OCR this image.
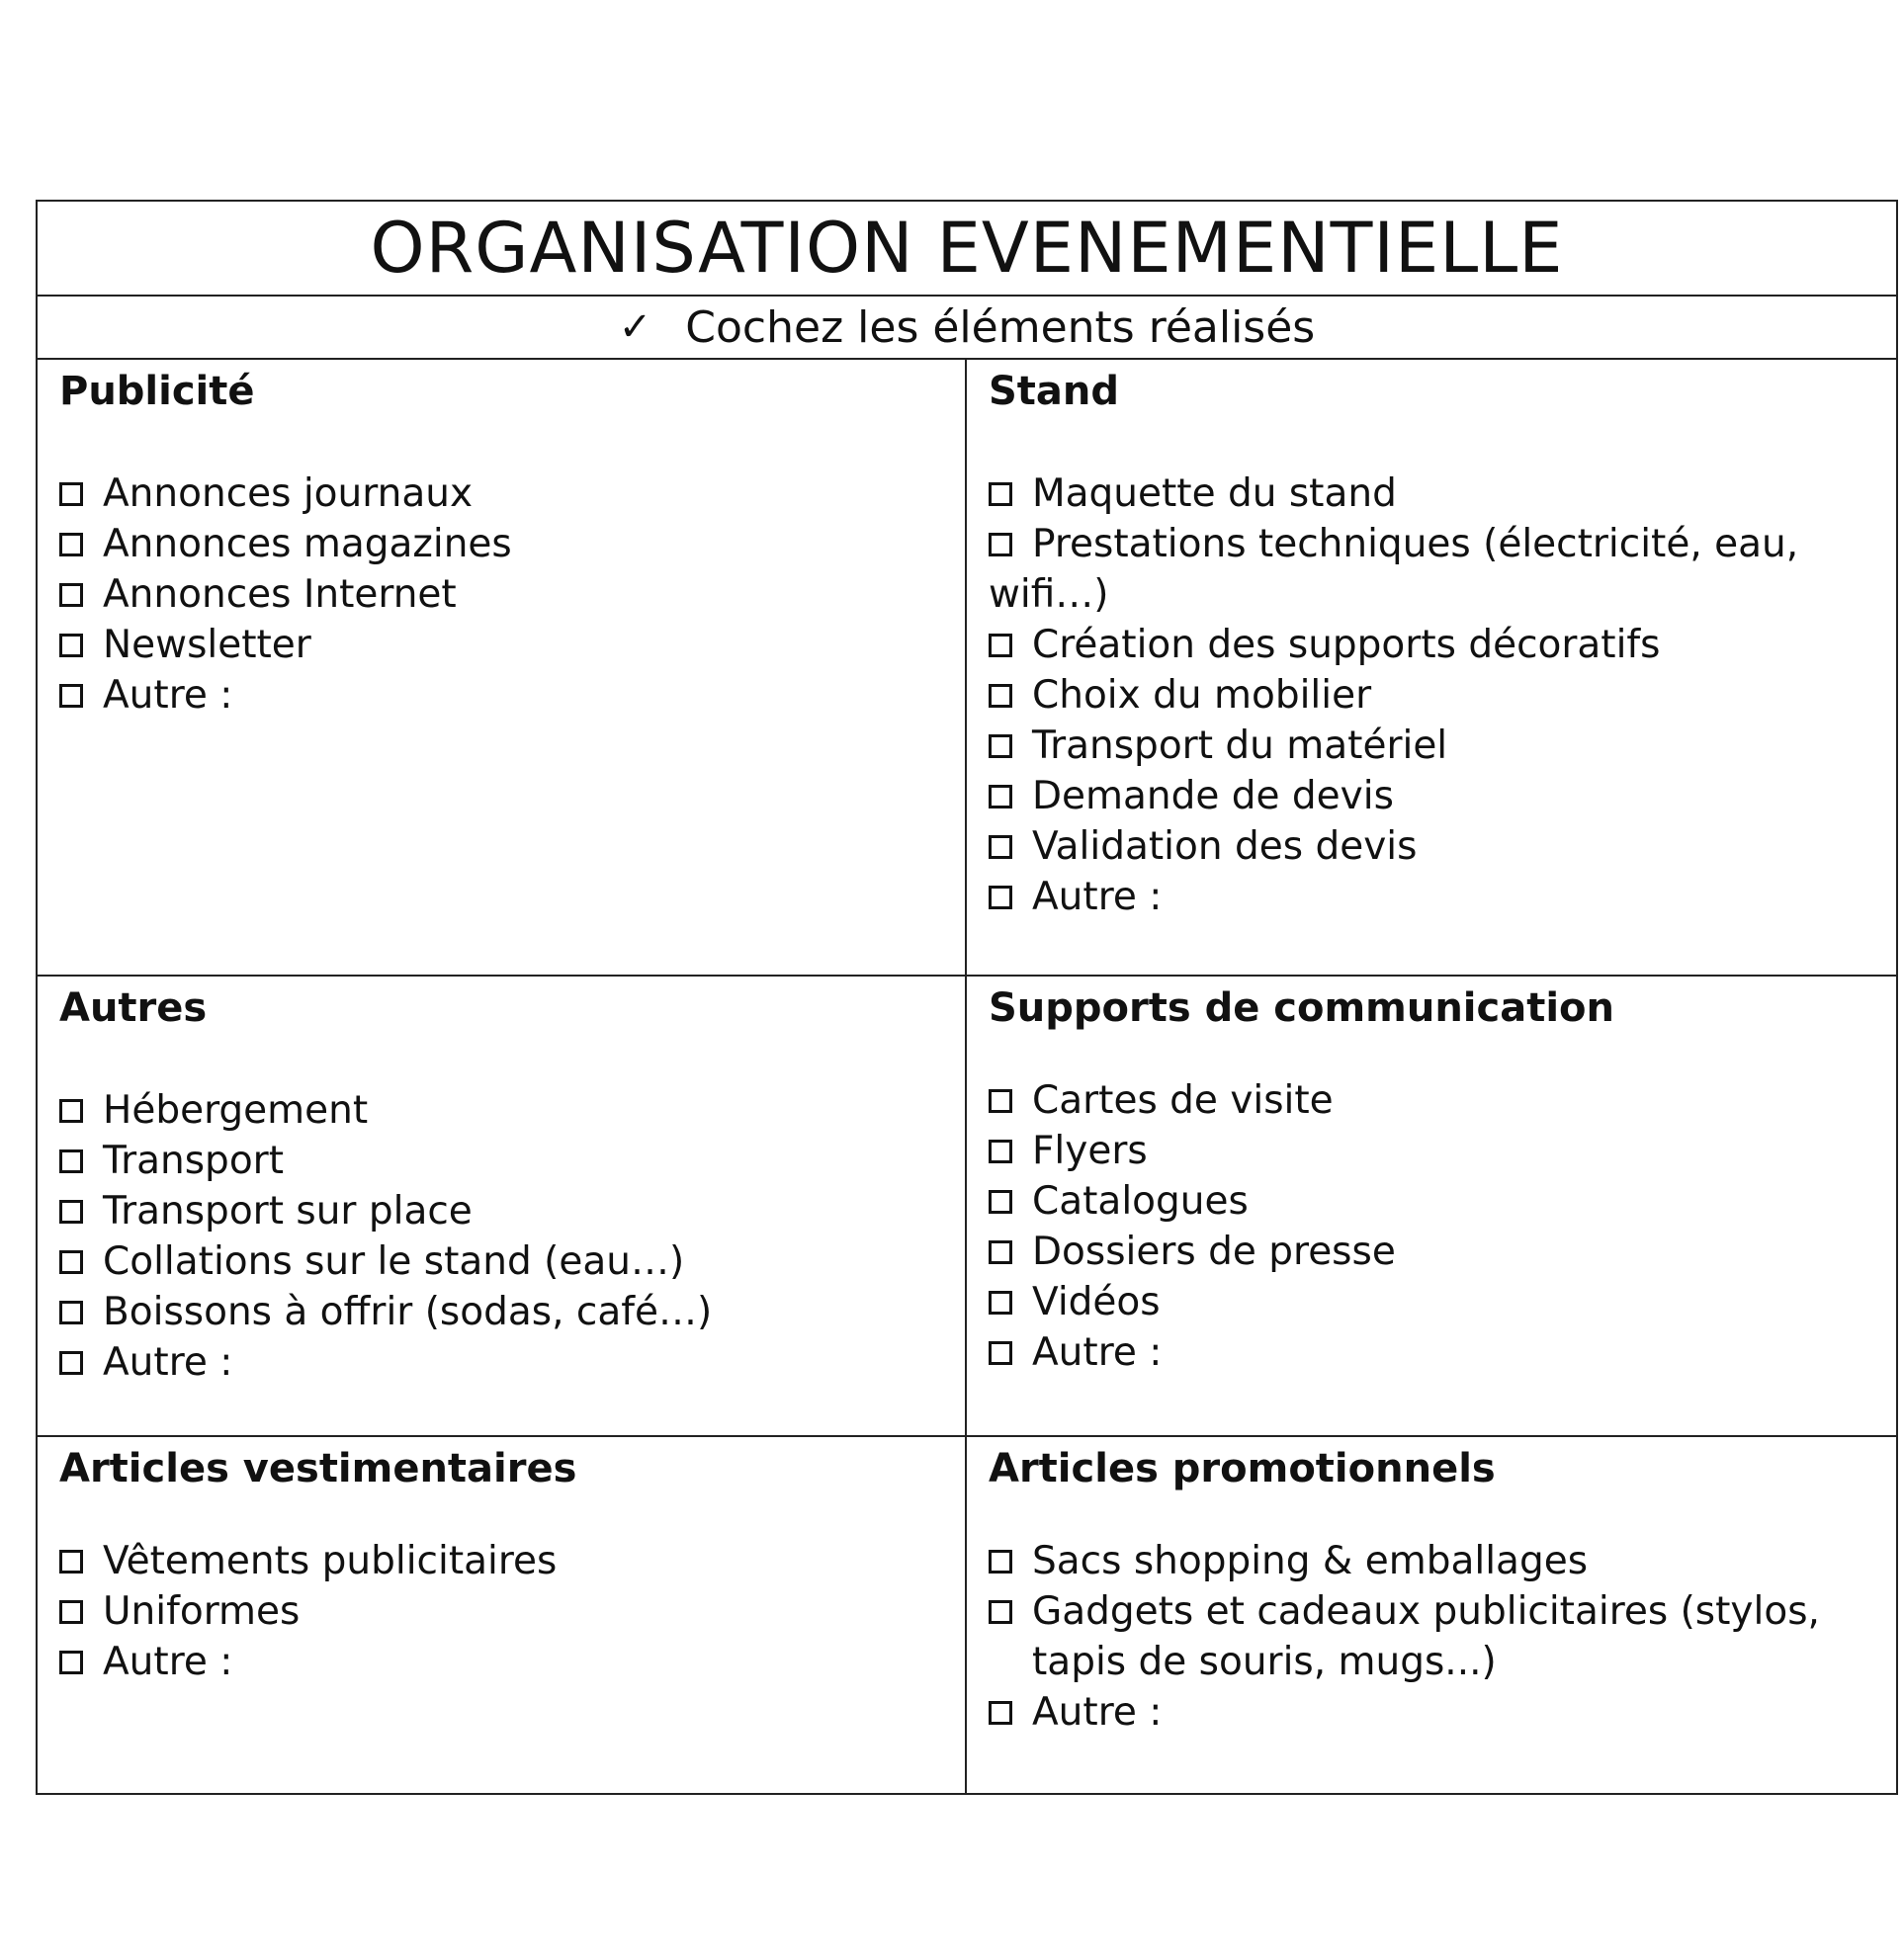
ORGANISATION EVENEMENTIELLE
✓ Cochez les éléments réalisés

Publicité

Annonces journaux
Annonces magazines
Annonces Internet
Newsletter
Autre :

Stand

Maquette du stand
Prestations techniques (électricité, eau, wifi…)
Création des supports décoratifs
Choix du mobilier
Transport du matériel
Demande de devis
Validation des devis
Autre :

Autres

Hébergement
Transport
Transport sur place
Collations sur le stand (eau…)
Boissons à offrir (sodas, café…)
Autre :

Supports de communication

Cartes de visite
Flyers
Catalogues
Dossiers de presse
Vidéos
Autre :

Articles vestimentaires

Vêtements publicitaires
Uniformes
Autre :

Articles promotionnels

Sacs shopping & emballages
Gadgets et cadeaux publicitaires (stylos, tapis de souris, mugs...)
Autre :
